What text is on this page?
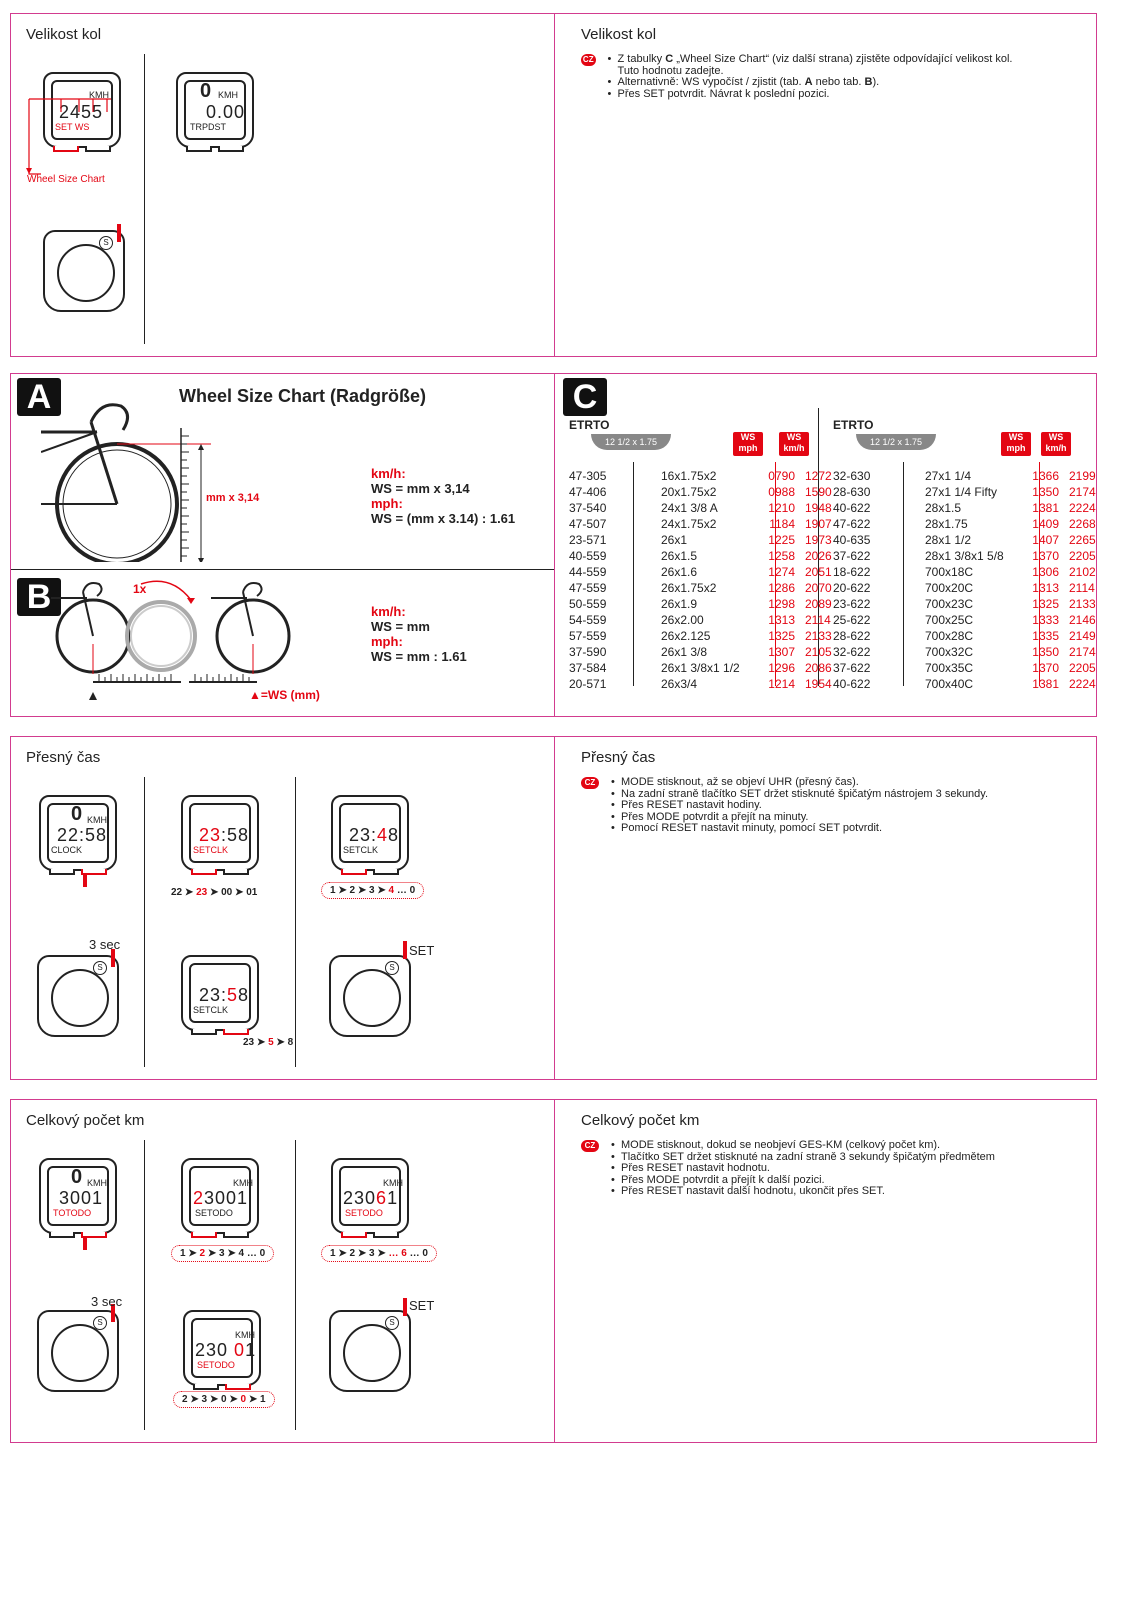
Velikost kol	Velikost kol
KMH
2455
SET WS
Wheel Size Chart
0 KMH
0.00
TRPDST
S
CZ	• Z tabulky C „Wheel Size Chart“ (viz další strana) zjistěte odpovídající velikost kol. Tuto hodnotu zadejte.
• Alternativně: WS vypočíst / zjistit (tab. A nebo tab. B).
• Přes SET potvrdit. Návrat k poslední pozici.
A	Wheel Size Chart (Radgröße)
mm x 3,14
km/h:
WS = mm x 3,14
mph:
WS = (mm x 3.14) : 1.61
B	1x
▲=WS (mm)
km/h:
WS = mm
mph:
WS = mm : 1.61
C
ETRTO
12 1/2 x 1.75	WS mph
WS km/h
ETRTO
12 1/2 x 1.75	WS mph
WS km/h
47-305	16x1.75x2	0790 1272
47-406	20x1.75x2	0988 1590
37-540	24x1 3/8 A	1210 1948
47-507	24x1.75x2	1184 1907
23-571	26x1	1225 1973
40-559	26x1.5	1258 2026
44-559	26x1.6	1274 2051
47-559	26x1.75x2	1286 2070
50-559	26x1.9	1298 2089
54-559	26x2.00	1313 2114
57-559	26x2.125	1325 2133
37-590	26x1 3/8	1307 2105
37-584	26x1 3/8x1 1/2	1296 2086
20-571	26x3/4	1214 1954
32-630	27x1 1/4	1366 2199
28-630	27x1 1/4 Fifty	1350 2174
40-622	28x1.5	1381 2224
47-622	28x1.75	1409 2268
40-635	28x1 1/2	1407 2265
37-622	28x1 3/8x1 5/8	1370 2205
18-622	700x18C	1306 2102
20-622	700x20C	1313 2114
23-622	700x23C	1325 2133
25-622	700x25C	1333 2146
28-622	700x28C	1335 2149
32-622	700x32C	1350 2174
37-622	700x35C	1370 2205
40-622	700x40C	1381 2224
Přesný čas	Přesný čas
0 KMH
22:58
CLOCK
23:58
SETCLK
22 ➤ 23 ➤ 00 ➤ 01
23:48
SETCLK
1 ➤ 2 ➤ 3 ➤ 4 … 0
S
3 sec
23:58
SETCLK
23 ➤ 5 ➤ 8
S
SET
CZ	• MODE stisknout, až se objeví UHR (přesný čas).
• Na zadní straně tlačítko SET držet stisknuté špičatým nástrojem 3 sekundy.
• Přes RESET nastavit hodiny.
• Přes MODE potvrdit a přejít na minuty.
• Pomocí RESET nastavit minuty, pomocí SET potvrdit.
Celkový počet km	Celkový počet km
0 KMH
3001
TOTODO
KMH
23001
SETODO
1 ➤ 2 ➤ 3 ➤ 4 … 0
KMH
23061
SETODO
1 ➤ 2 ➤ 3 ➤ … 6 … 0
S
3 sec
KMH
230 01
SETODO
2 ➤ 3 ➤ 0 ➤ 0 ➤ 1
S
SET
CZ	• MODE stisknout, dokud se neobjeví GES-KM (celkový počet km).
• Tlačítko SET držet stisknuté na zadní straně 3 sekundy špičatým předmětem
• Přes RESET nastavit hodnotu.
• Přes MODE potvrdit a přejít k další pozici.
• Přes RESET nastavit další hodnotu, ukončit přes SET.
